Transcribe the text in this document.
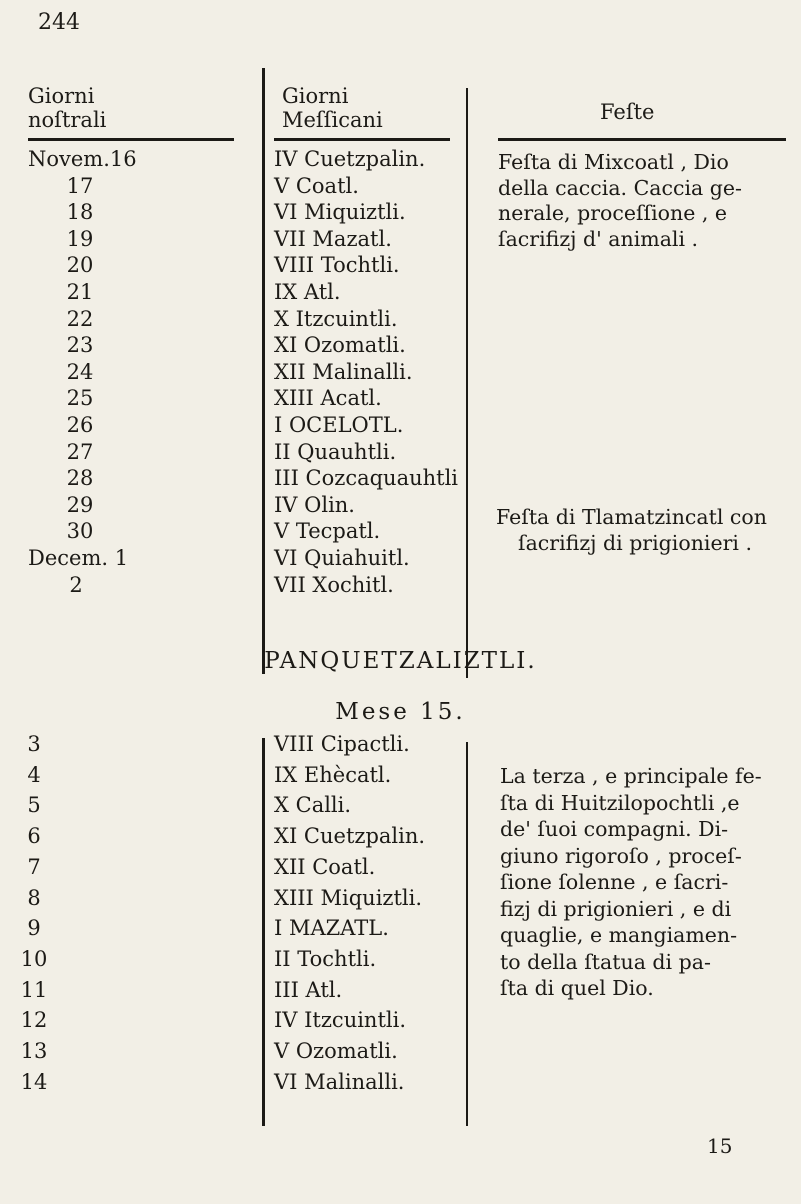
244
Giorni
noſtrali
Giorni
Meſſicani	Feſte
Novem.16	IV Cuetzpalin.
17	V Coatl.
18	VI Miquiztli.
19	VII Mazatl.
20	VIII Tochtli.
21	IX Atl.
22	X Itzcuintli.
23	XI Ozomatli.
24	XII Malinalli.
25	XIII Acatl.
26	I OCELOTL.
27	II Quauhtli.
28	III Cozcaquauhtli
29	IV Olin.
30	V Tecpatl.
Decem. 1	VI Quiahuitl.
2	VII Xochitl.
Feſta di Mixcoatl , Dio
della caccia. Caccia ge-
nerale, proceſſione , e
ſacrifizj d' animali .
Feſta di Tlamatzincatl con
ſacrifizj di prigionieri .
PANQUETZALIZTLI.
Mese 15.
3	VIII Cipactli.
4	IX Ehècatl.
5	X Calli.
6	XI Cuetzpalin.
7	XII Coatl.
8	XIII Miquiztli.
9	I MAZATL.
10	II Tochtli.
11	III Atl.
12	IV Itzcuintli.
13	V Ozomatli.
14	VI Malinalli.
La terza , e principale fe-
ſta di Huitzilopochtli ,e
de' ſuoi compagni. Di-
giuno rigoroſo , proceſ-
ſione ſolenne , e ſacri-
fizj di prigionieri , e di
quaglie, e mangiamen-
to della ſtatua di pa-
ſta di quel Dio.
15
